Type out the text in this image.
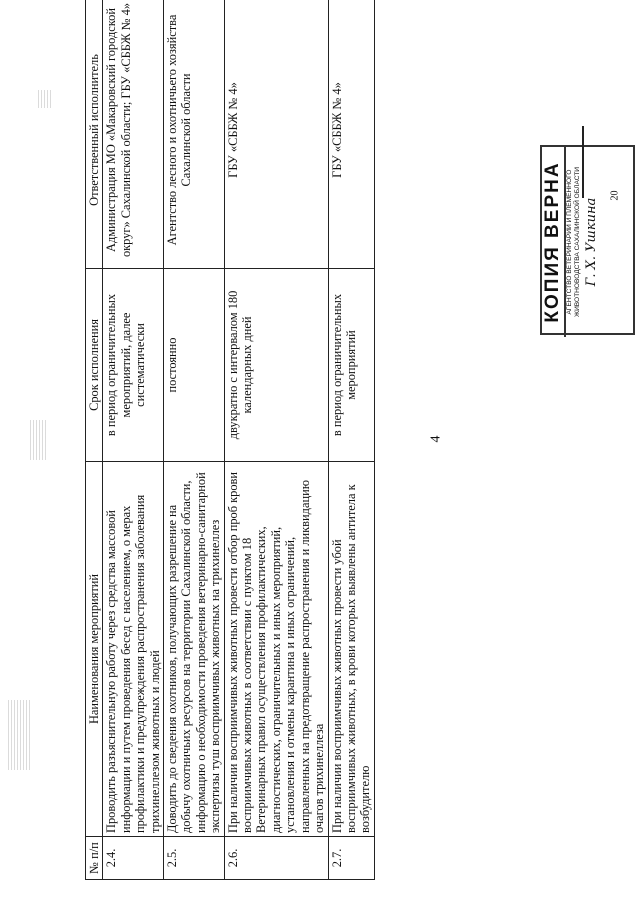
4
№ п/п	Наименования мероприятий	Срок исполнения	Ответственный исполнитель
2.4.	Проводить разъяснительную работу через средства массовой информации и путем проведения бесед с населением, о мерах профилактики и предупреждения распространения заболевания трихинеллезом животных и людей	в период ограничительных мероприятий, далее систематически	Администрация МО «Макаровский городской округ» Сахалинской области; ГБУ «СББЖ № 4»
2.5.	Доводить до сведения охотников, получающих разрешение на добычу охотничьих ресурсов на территории Сахалинской области, информацию о необходимости проведения ветеринарно-санитарной экспертизы туш восприимчивых животных на трихинеллез	постоянно	Агентство лесного и охотничьего хозяйства Сахалинской области
2.6.	При наличии восприимчивых животных провести отбор проб крови восприимчивых животных в соответствии с пунктом 18 Ветеринарных правил осуществления профилактических, диагностических, ограничительных и иных мероприятий, установления и отмены карантина и иных ограничений, направленных на предотвращение распространения и ликвидацию очагов трихинеллеза	двукратно с интервалом 180 календарных дней	ГБУ «СББЖ № 4»
2.7.	При наличии восприимчивых животных провести убой восприимчивых животных, в крови которых выявлены антитела к возбудителю	в период ограничительных мероприятий	ГБУ «СББЖ № 4»
КОПИЯ ВЕРНА АГЕНТСТВО ВЕТЕРИНАРИИ И ПЛЕМЕННОГО ЖИВОТНОВОДСТВА САХАЛИНСКОЙ ОБЛАСТИ Г. Х. Ушкина
20
